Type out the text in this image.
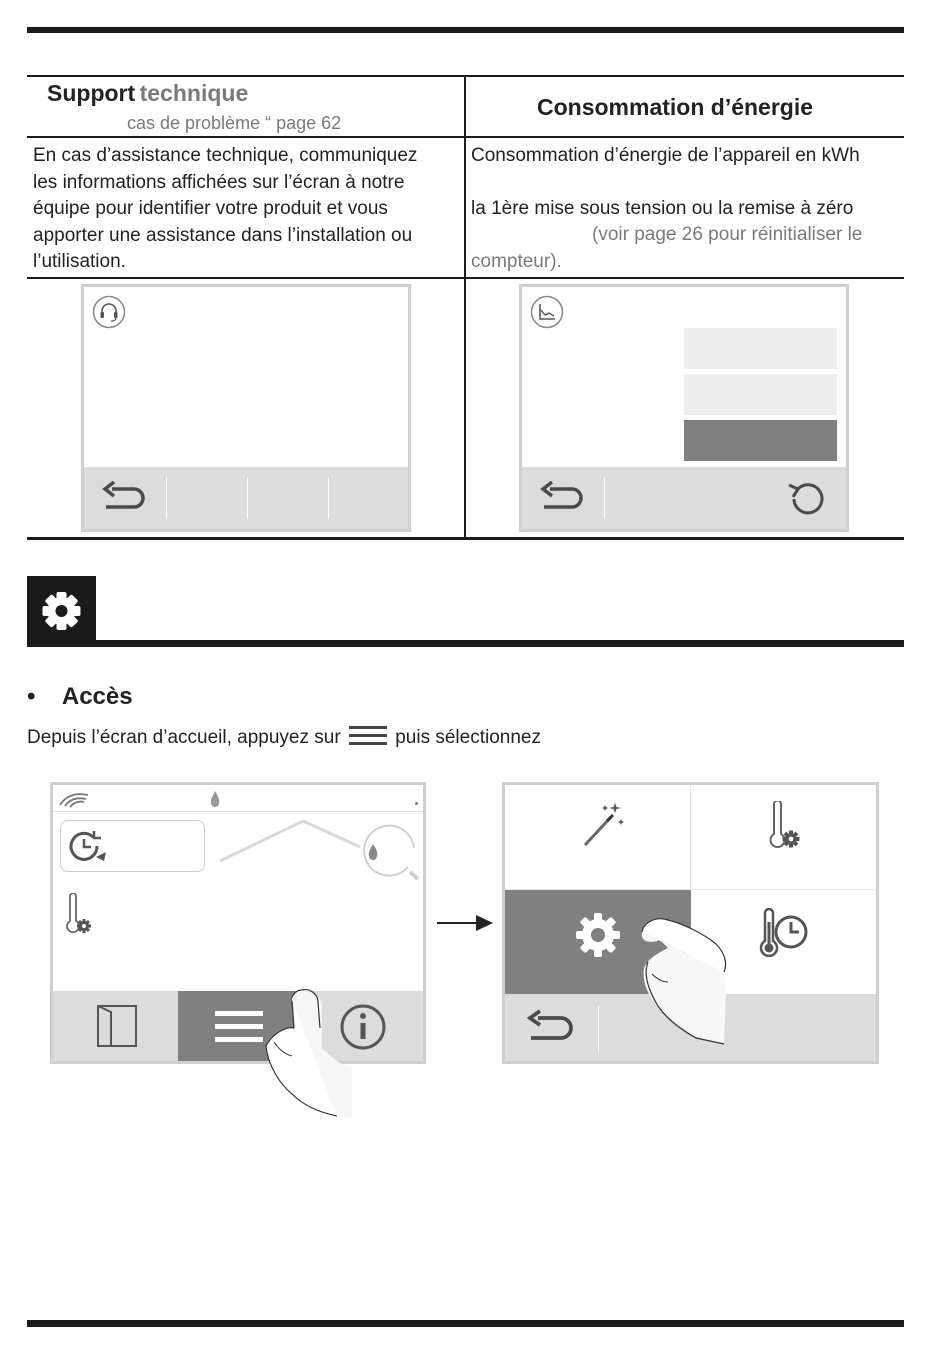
Support technique
cas de problème “ page 62
Consommation d’énergie
En cas d’assistance technique, communiquez
les informations affichées sur l’écran à notre
équipe pour identifier votre produit et vous
apporter une assistance dans l’installation ou
l’utilisation.
Consommation d’énergie de l’appareil en kWh
la 1ère mise sous tension ou la remise à zéro
(voir page 26 pour réinitialiser le
compteur).
• Accès
Depuis l’écran d’accueil, appuyez sur	puis sélectionnez
